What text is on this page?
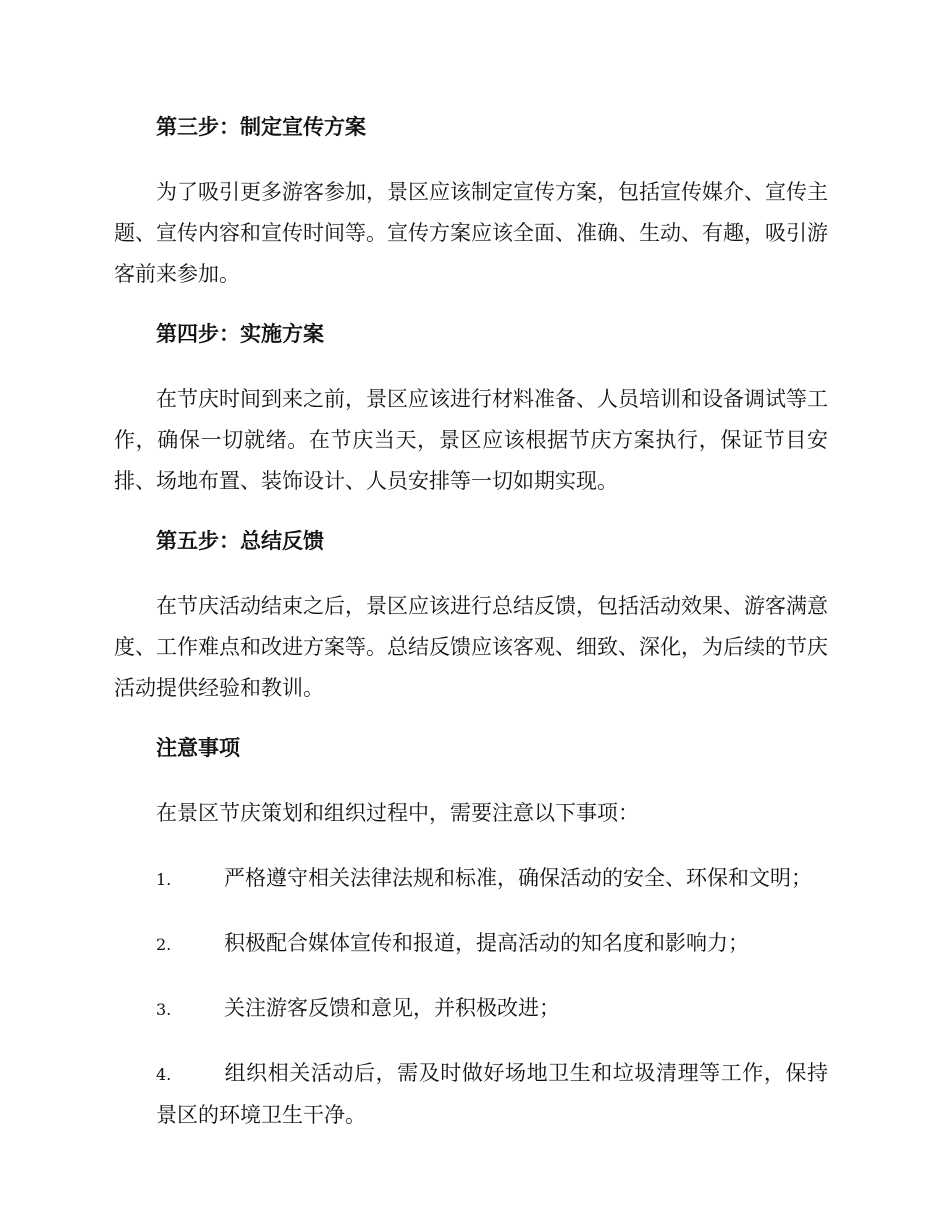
第三步：制定宣传方案

为了吸引更多游客参加，景区应该制定宣传方案，包括宣传媒介、宣传主题、宣传内容和宣传时间等。宣传方案应该全面、准确、生动、有趣，吸引游客前来参加。

第四步：实施方案

在节庆时间到来之前，景区应该进行材料准备、人员培训和设备调试等工作，确保一切就绪。在节庆当天，景区应该根据节庆方案执行，保证节目安排、场地布置、装饰设计、人员安排等一切如期实现。

第五步：总结反馈

在节庆活动结束之后，景区应该进行总结反馈，包括活动效果、游客满意度、工作难点和改进方案等。总结反馈应该客观、细致、深化，为后续的节庆活动提供经验和教训。

注意事项

在景区节庆策划和组织过程中，需要注意以下事项：

1.	严格遵守相关法律法规和标准，确保活动的安全、环保和文明；
2.	积极配合媒体宣传和报道，提高活动的知名度和影响力；
3.	关注游客反馈和意见，并积极改进；
4.	组织相关活动后，需及时做好场地卫生和垃圾清理等工作，保持景区的环境卫生干净。
